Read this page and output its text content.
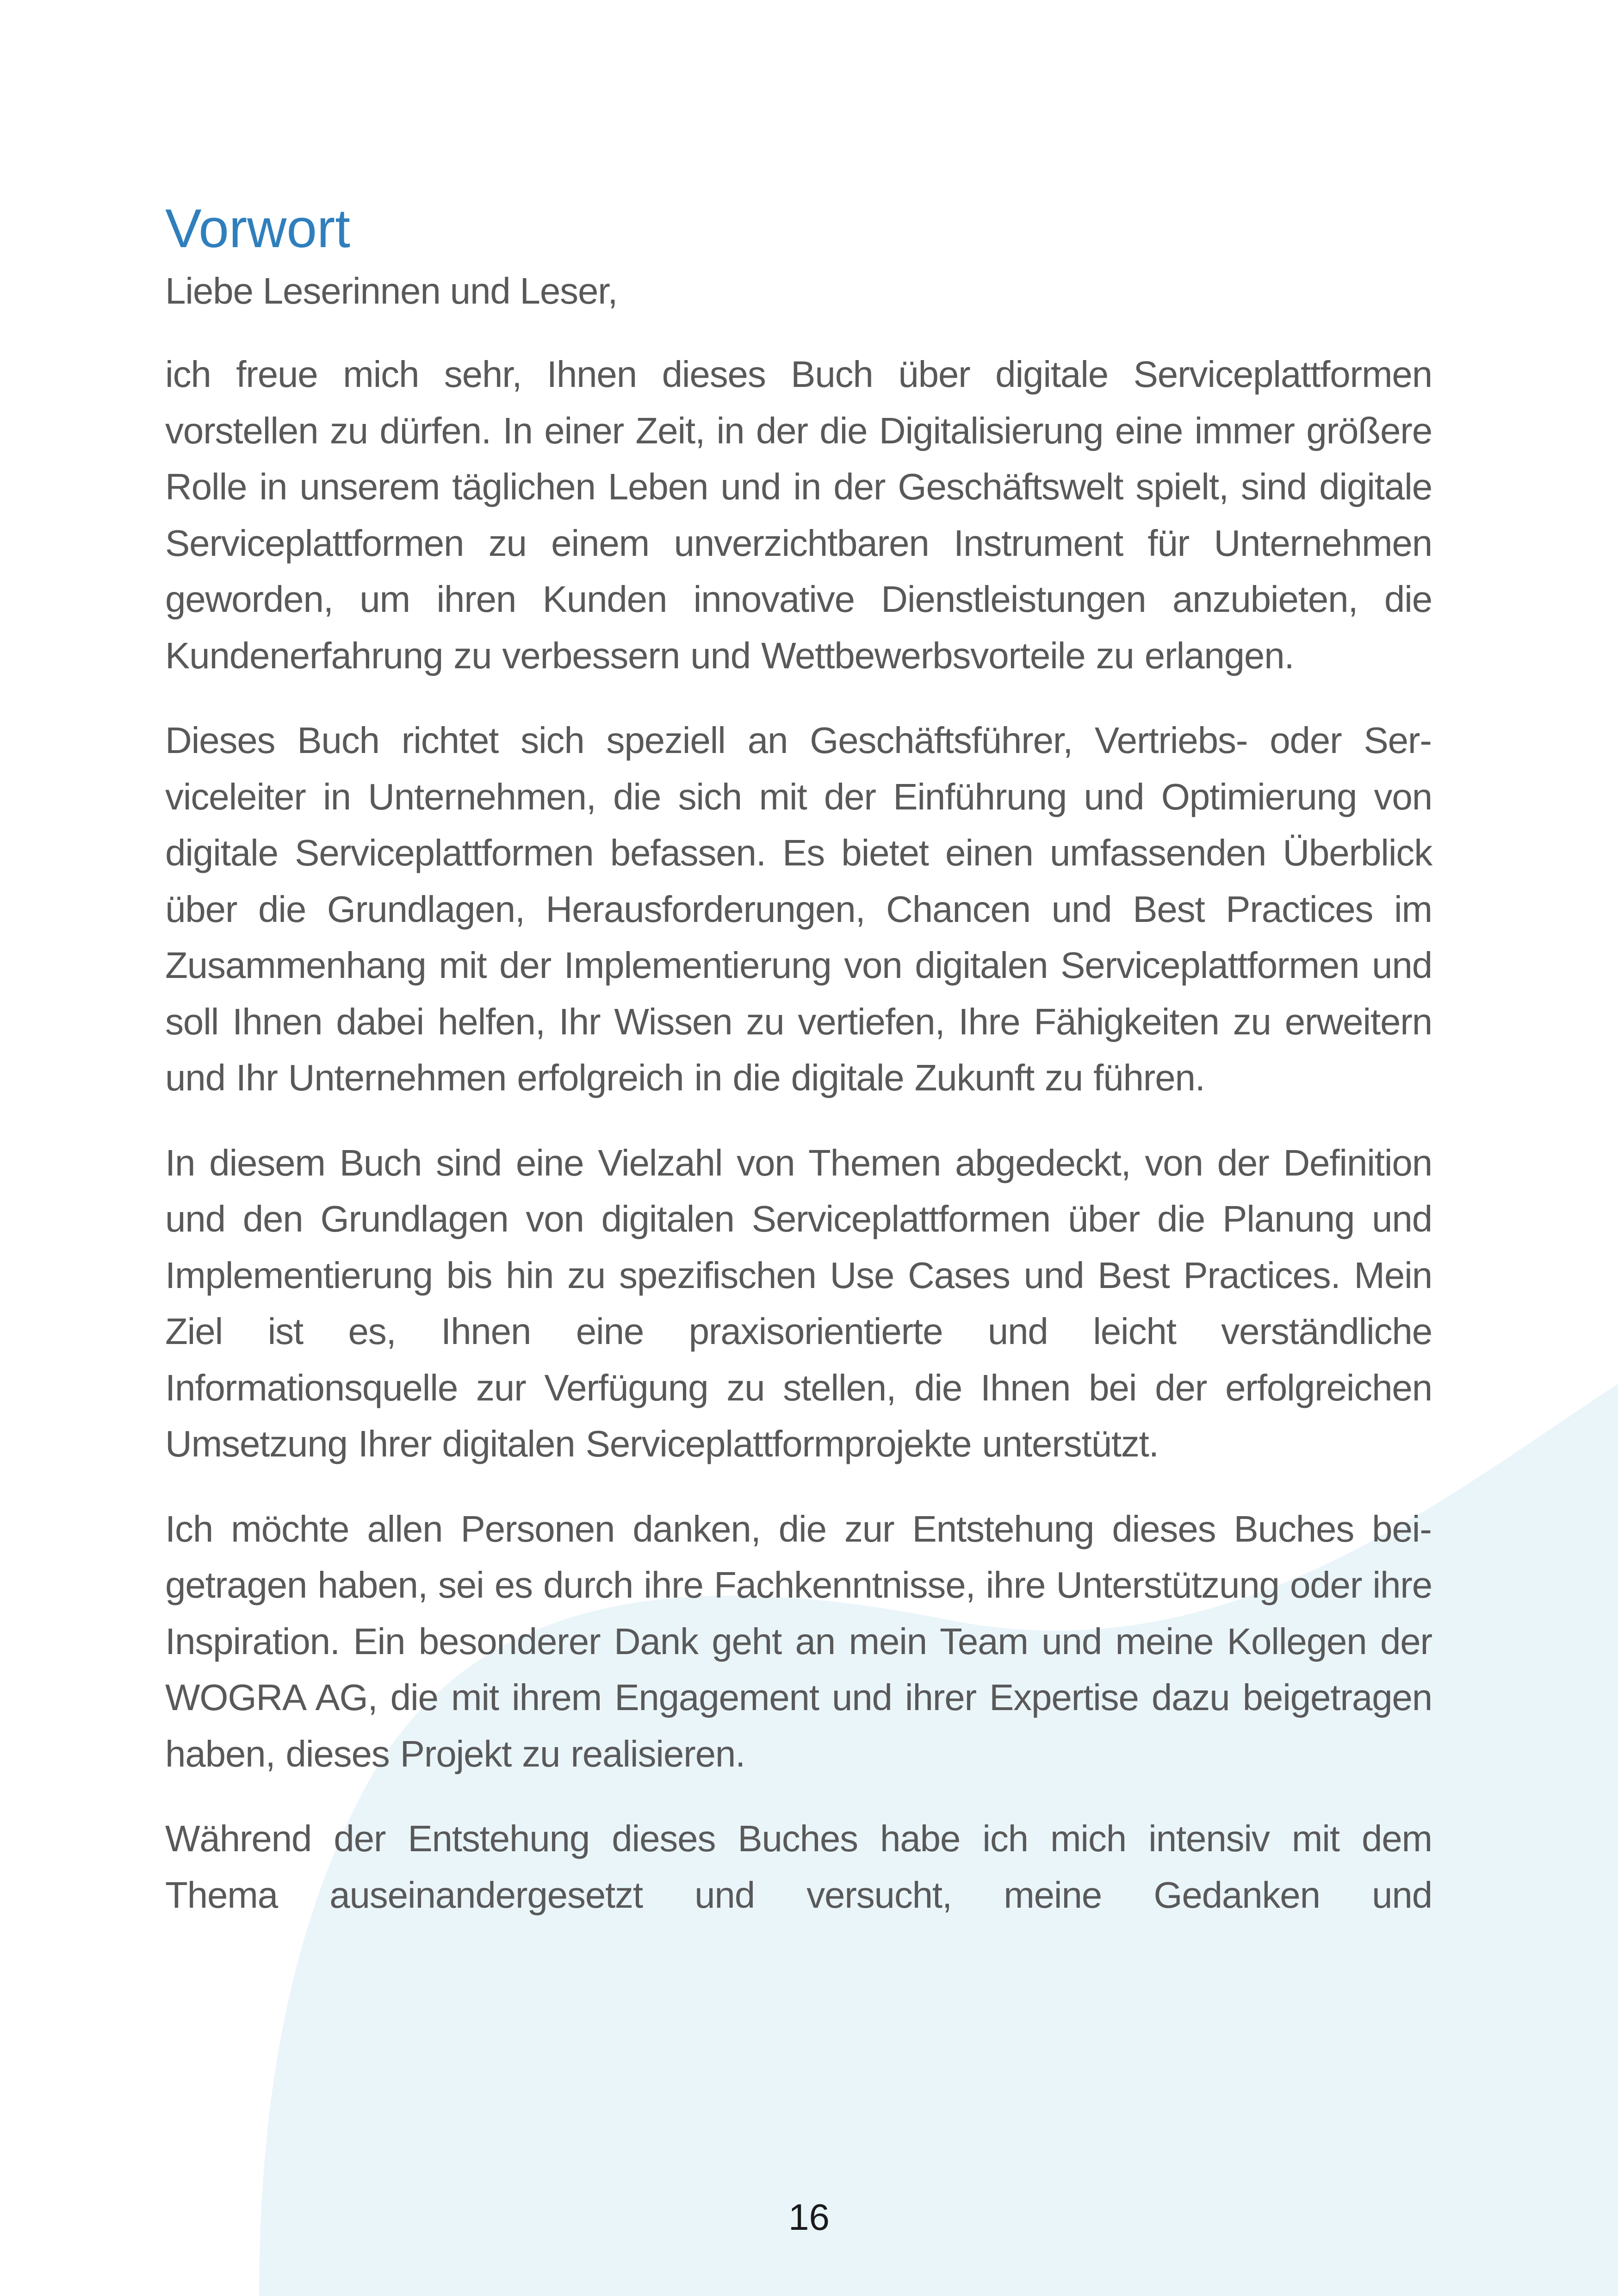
Vorwort

Liebe Leserinnen und Leser,

ich freue mich sehr, Ihnen dieses Buch über digitale Serviceplattformen vorstellen zu dürfen. In einer Zeit, in der die Digitalisierung eine immer größere Rolle in unserem täglichen Leben und in der Geschäftswelt spielt, sind digitale Serviceplattformen zu einem unverzichtbaren Instrument für Unternehmen geworden, um ihren Kunden innovative Dienstleistungen anzubieten, die Kundenerfahrung zu verbessern und Wettbewerbsvorteile zu erlangen.

Dieses Buch richtet sich speziell an Geschäftsführer, Vertriebs- oder Serviceleiter in Unternehmen, die sich mit der Einführung und Optimierung von digitale Serviceplattformen befassen. Es bietet einen umfassenden Überblick über die Grundlagen, Herausforderungen, Chancen und Best Practices im Zusammenhang mit der Implementierung von digitalen Serviceplattformen und soll Ihnen dabei helfen, Ihr Wissen zu vertiefen, Ihre Fähigkeiten zu erweitern und Ihr Unternehmen erfolgreich in die digitale Zukunft zu führen.

In diesem Buch sind eine Vielzahl von Themen abgedeckt, von der Definition und den Grundlagen von digitalen Serviceplattformen über die Planung und Implementierung bis hin zu spezifischen Use Cases und Best Practices. Mein Ziel ist es, Ihnen eine praxisorientierte und leicht verständliche Informationsquelle zur Verfügung zu stellen, die Ihnen bei der erfolgreichen Umsetzung Ihrer digitalen Serviceplattformprojekte unterstützt.

Ich möchte allen Personen danken, die zur Entstehung dieses Buches beigetragen haben, sei es durch ihre Fachkenntnisse, ihre Unterstützung oder ihre Inspiration. Ein besonderer Dank geht an mein Team und meine Kollegen der WOGRA AG, die mit ihrem Engagement und ihrer Expertise dazu beigetragen haben, dieses Projekt zu realisieren.

Während der Entstehung dieses Buches habe ich mich intensiv mit dem Thema auseinandergesetzt und versucht, meine Gedanken und

16
